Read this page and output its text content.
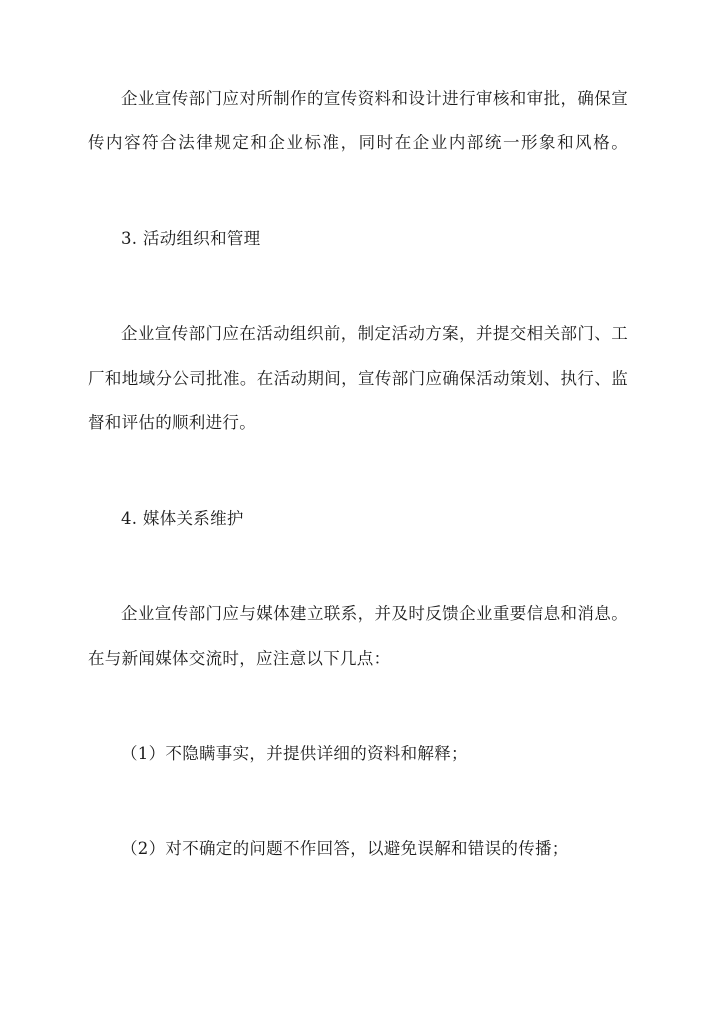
企业宣传部门应对所制作的宣传资料和设计进行审核和审批，确保宣
传内容符合法律规定和企业标准，同时在企业内部统一形象和风格。
3. 活动组织和管理
企业宣传部门应在活动组织前，制定活动方案，并提交相关部门、工
厂和地域分公司批准。在活动期间，宣传部门应确保活动策划、执行、监
督和评估的顺利进行。
4. 媒体关系维护
企业宣传部门应与媒体建立联系，并及时反馈企业重要信息和消息。
在与新闻媒体交流时，应注意以下几点：
（1）不隐瞒事实，并提供详细的资料和解释；
（2）对不确定的问题不作回答，以避免误解和错误的传播；
